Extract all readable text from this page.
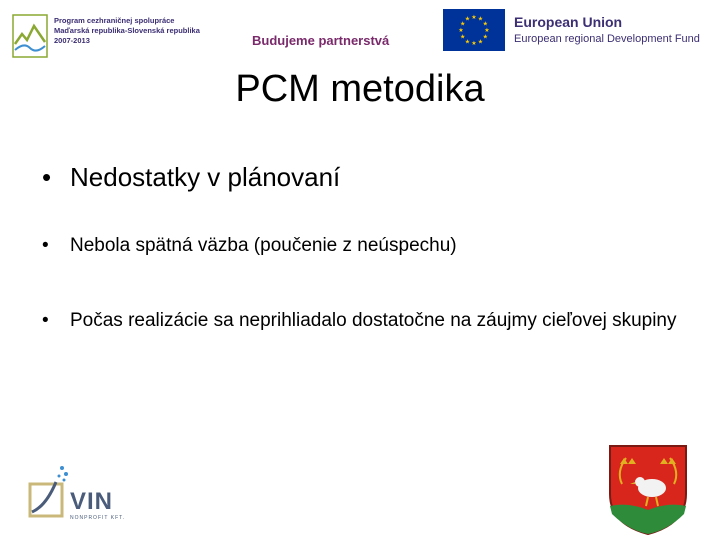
Program cezhraničnej spolupráce
Maďarská republika-Slovenská republika
2007-2013	Budujeme partnerstvá
★
★
★
★
★
★
★
★
★ ★ ★
★ European Union
European regional Development Fund
PCM metodika
• Nedostatky v plánovaní
•	Nebola spätná väzba (poučenie z neúspechu)
•	Počas realizácie sa neprihliadalo dostatočne na záujmy cieľovej skupiny
VIN
NONPROFIT KFT.
